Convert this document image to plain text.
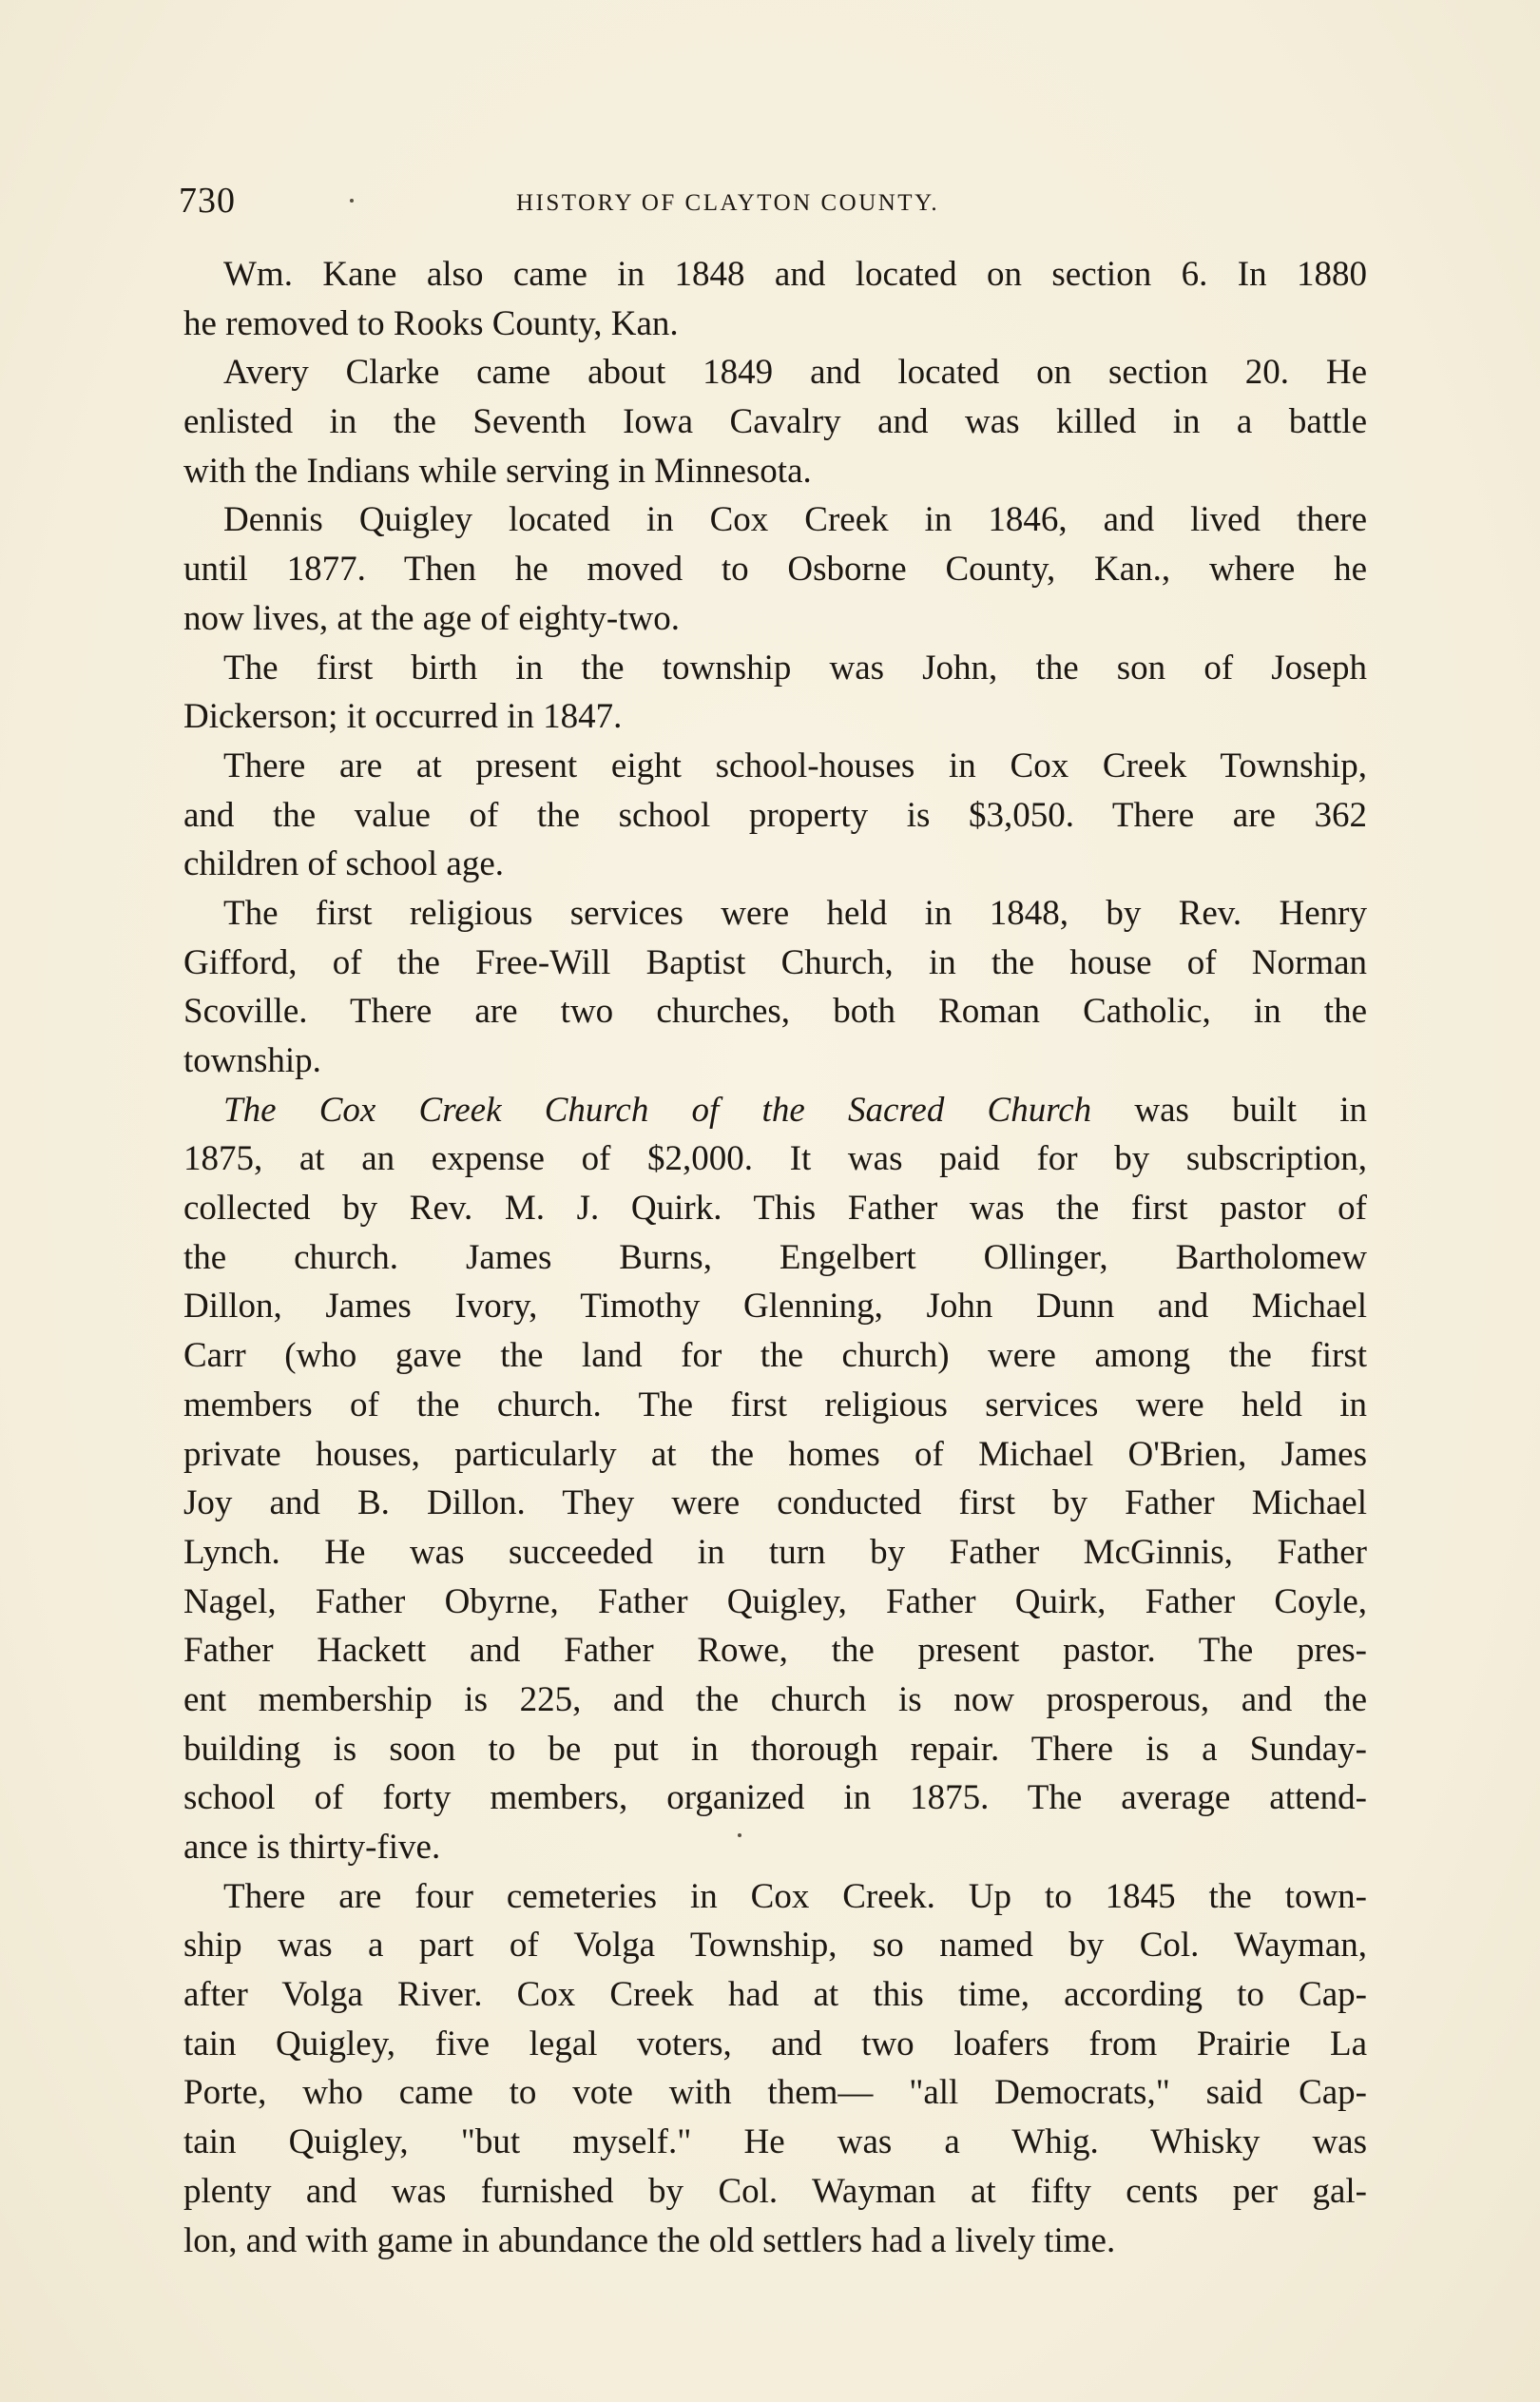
730	HISTORY OF CLAYTON COUNTY.
Wm. Kane also came in 1848 and located on section 6. In 1880
he removed to Rooks County, Kan.
Avery Clarke came about 1849 and located on section 20. He
enlisted in the Seventh Iowa Cavalry and was killed in a battle
with the Indians while serving in Minnesota.
Dennis Quigley located in Cox Creek in 1846, and lived there
until 1877. Then he moved to Osborne County, Kan., where he
now lives, at the age of eighty-two.
The first birth in the township was John, the son of Joseph
Dickerson; it occurred in 1847.
There are at present eight school-houses in Cox Creek Township,
and the value of the school property is $3,050. There are 362
children of school age.
The first religious services were held in 1848, by Rev. Henry
Gifford, of the Free-Will Baptist Church, in the house of Norman
Scoville. There are two churches, both Roman Catholic, in the
township.
The Cox Creek Church of the Sacred Church was built in
1875, at an expense of $2,000. It was paid for by subscription,
collected by Rev. M. J. Quirk. This Father was the first pastor of
the church. James Burns, Engelbert Ollinger, Bartholomew
Dillon, James Ivory, Timothy Glenning, John Dunn and Michael
Carr (who gave the land for the church) were among the first
members of the church. The first religious services were held in
private houses, particularly at the homes of Michael O'Brien, James
Joy and B. Dillon. They were conducted first by Father Michael
Lynch. He was succeeded in turn by Father McGinnis, Father
Nagel, Father Obyrne, Father Quigley, Father Quirk, Father Coyle,
Father Hackett and Father Rowe, the present pastor. The pres-
ent membership is 225, and the church is now prosperous, and the
building is soon to be put in thorough repair. There is a Sunday-
school of forty members, organized in 1875. The average attend-
ance is thirty-five.
There are four cemeteries in Cox Creek. Up to 1845 the town-
ship was a part of Volga Township, so named by Col. Wayman,
after Volga River. Cox Creek had at this time, according to Cap-
tain Quigley, five legal voters, and two loafers from Prairie La
Porte, who came to vote with them— "all Democrats," said Cap-
tain Quigley, "but myself." He was a Whig. Whisky was
plenty and was furnished by Col. Wayman at fifty cents per gal-
lon, and with game in abundance the old settlers had a lively time.
